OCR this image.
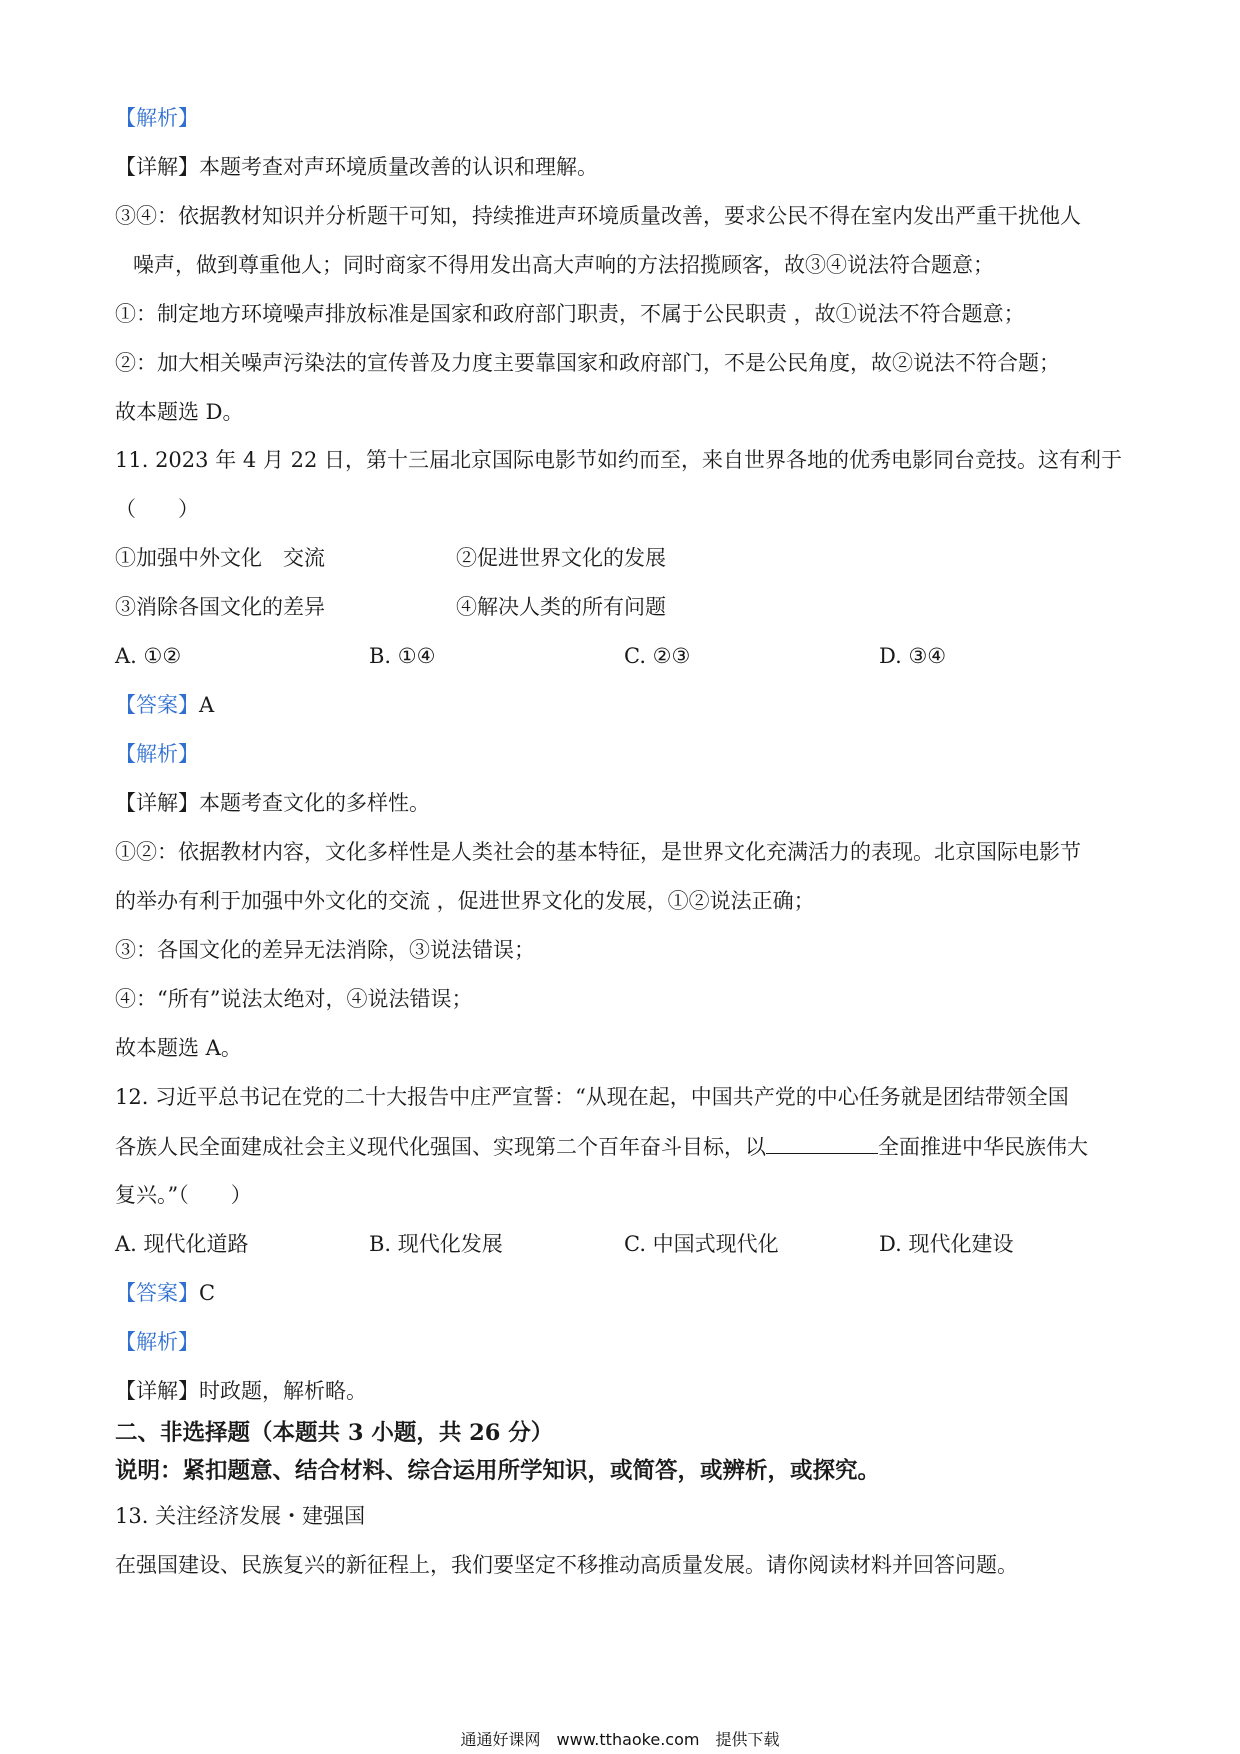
【解析】
【详解】本题考查对声环境质量改善的认识和理解。
③④：依据教材知识并分析题干可知，持续推进声环境质量改善，要求公民不得在室内发出严重干扰他人
噪声，做到尊重他人；同时商家不得用发出高大声响的方法招揽顾客，故③④说法符合题意；
①：制定地方环境噪声排放标准是国家和政府部门职责，不属于公民职责 ，故①说法不符合题意；
②：加大相关噪声污染法的宣传普及力度主要靠国家和政府部门，不是公民角度，故②说法不符合题；
故本题选 D。
11. 2023 年 4 月 22 日，第十三届北京国际电影节如约而至，来自世界各地的优秀电影同台竞技。这有利于
（　　）
①加强中外文化　交流	②促进世界文化的发展
③消除各国文化的差异	④解决人类的所有问题
A. ①②	B. ①④	C. ②③	D. ③④
【答案】A
【解析】
【详解】本题考查文化的多样性。
①②：依据教材内容，文化多样性是人类社会的基本特征，是世界文化充满活力的表现。北京国际电影节
的举办有利于加强中外文化的交流 ，促进世界文化的发展，①②说法正确；
③：各国文化的差异无法消除，③说法错误；
④：“所有”说法太绝对，④说法错误；
故本题选 A。
12. 习近平总书记在党的二十大报告中庄严宣誓：“从现在起，中国共产党的中心任务就是团结带领全国
各族人民全面建成社会主义现代化强国、实现第二个百年奋斗目标，以	全面推进中华民族伟大
复兴。”（　　）
A. 现代化道路	B. 现代化发展	C. 中国式现代化	D. 现代化建设
【答案】C
【解析】
【详解】时政题，解析略。
二、非选择题（本题共 3 小题，共 26 分）
说明：紧扣题意、结合材料、综合运用所学知识，或简答，或辨析，或探究。
13. 关注经济发展・建强国
在强国建设、民族复兴的新征程上，我们要坚定不移推动高质量发展。请你阅读材料并回答问题。
通通好课网　www.tthaoke.com　提供下载
